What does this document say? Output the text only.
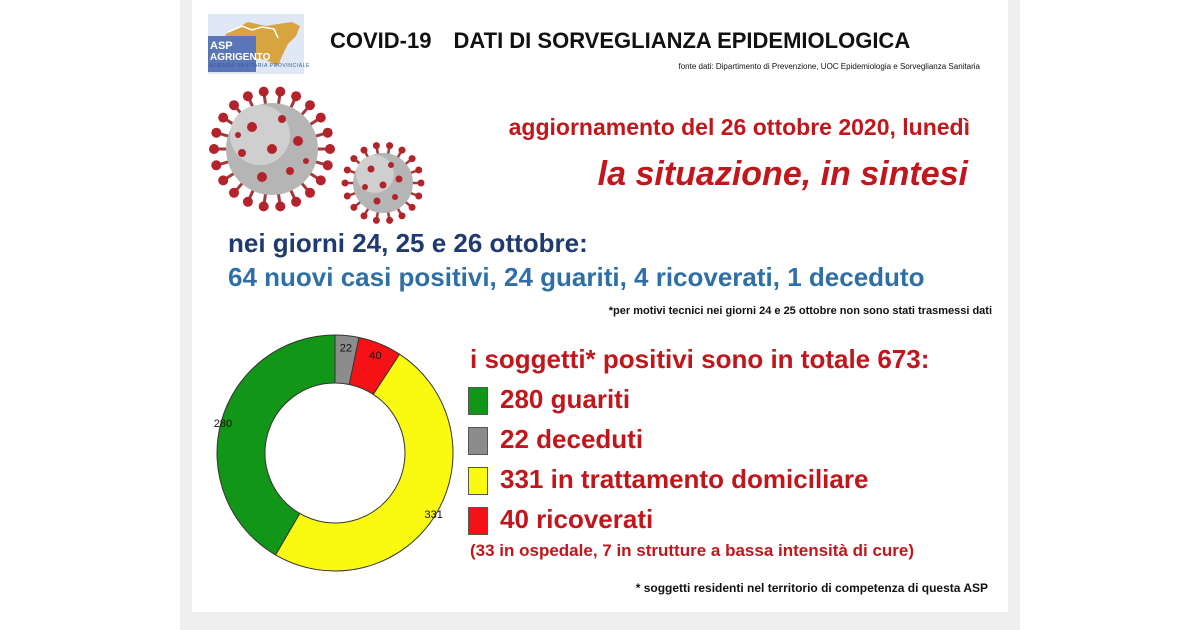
ASP
AGRIGENTO
AZIENDA SANITARIA PROVINCIALE
COVID-19 DATI DI SORVEGLIANZA EPIDEMIOLOGICA
fonte dati: Dipartimento di Prevenzione, UOC Epidemiologia e Sorveglianza Sanitaria
aggiornamento del 26 ottobre 2020, lunedì
la situazione, in sintesi
nei giorni 24, 25 e 26 ottobre:
64 nuovi casi positivi, 24 guariti, 4 ricoverati, 1 deceduto
*per motivi tecnici nei giorni 24 e 25 ottobre non sono stati trasmessi dati
280
22
40
331
i soggetti* positivi sono in totale 673:
280 guariti
22 deceduti
331 in trattamento domiciliare
40 ricoverati
(33 in ospedale, 7 in strutture a bassa intensità di cure)
* soggetti residenti nel territorio di competenza di questa ASP
